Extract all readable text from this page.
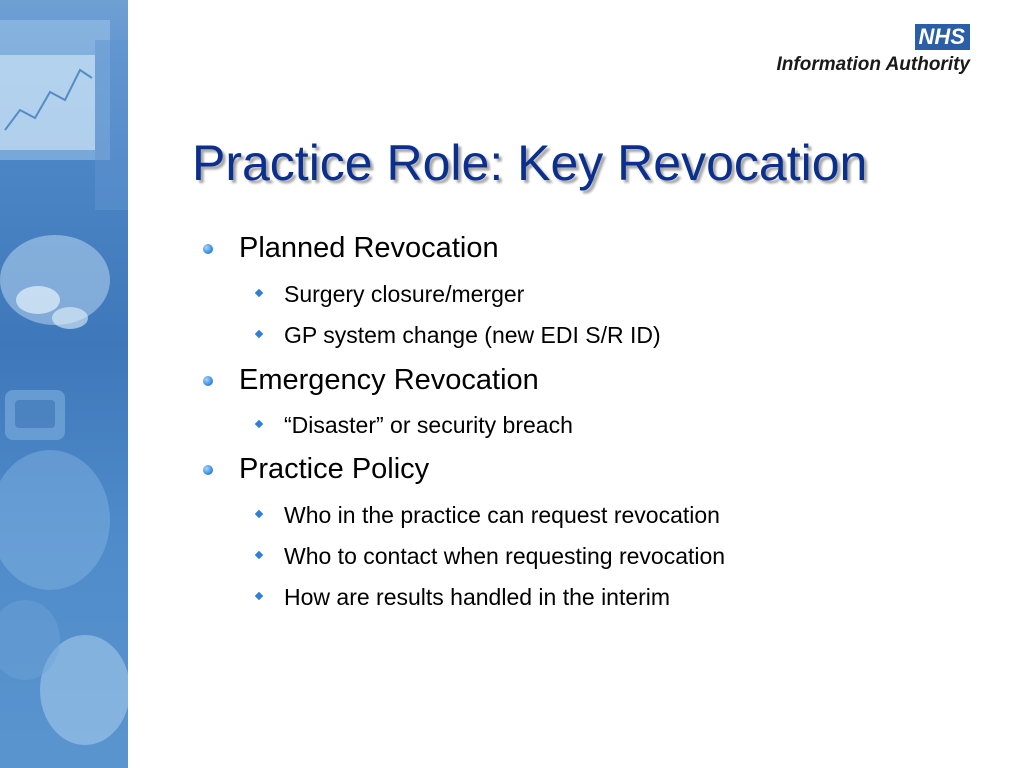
NHS
Information Authority
Practice Role: Key Revocation
Planned Revocation
Surgery closure/merger
GP system change (new EDI S/R ID)
Emergency Revocation
“Disaster” or security breach
Practice Policy
Who in the practice can request revocation
Who to contact when requesting revocation
How are results handled in the interim
